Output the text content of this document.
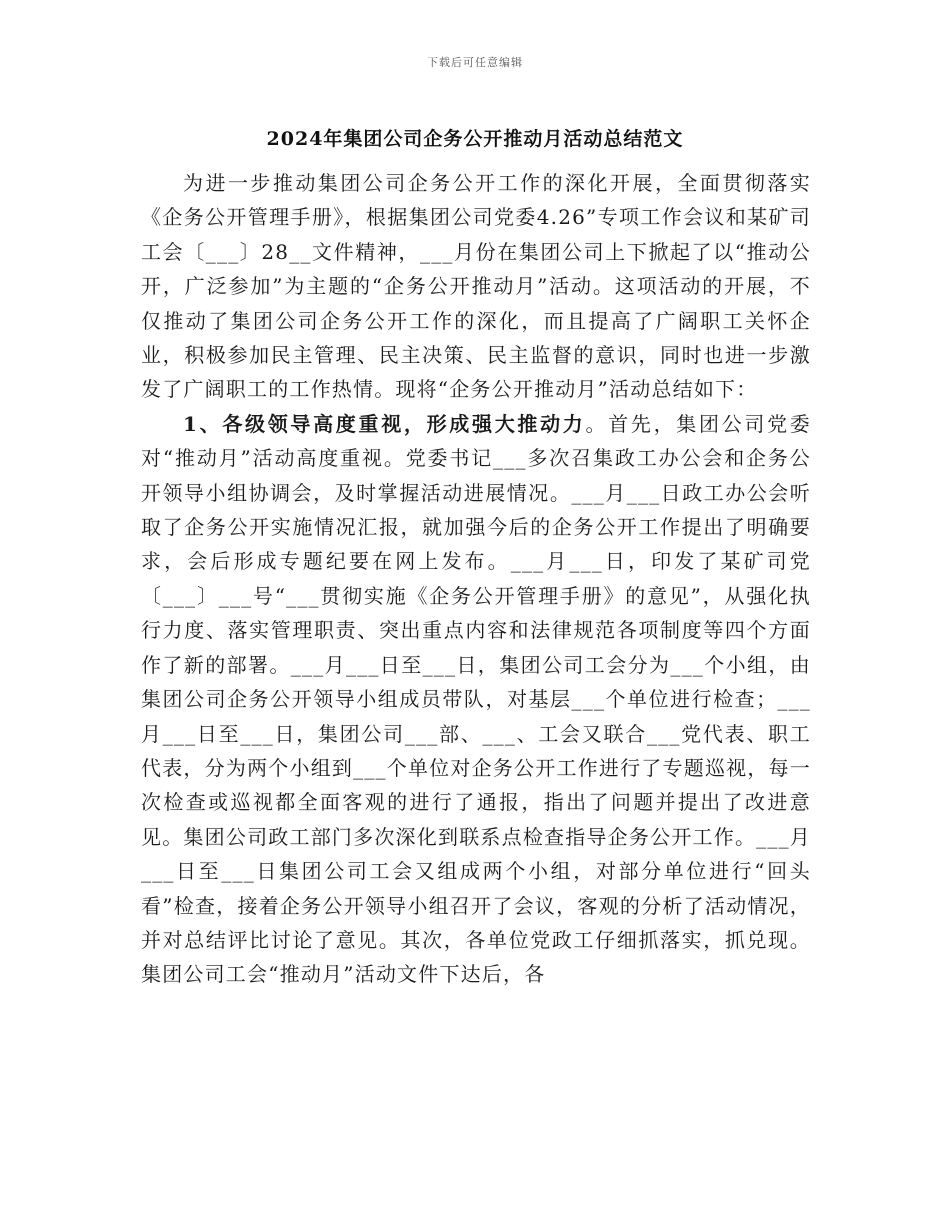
下载后可任意编辑
2024年集团公司企务公开推动月活动总结范文

为进一步推动集团公司企务公开工作的深化开展，全面贯彻落实《企务公开管理手册》，根据集团公司党委4.26”专项工作会议和某矿司工会〔___〕28__文件精神，___月份在集团公司上下掀起了以“推动公开，广泛参加”为主题的“企务公开推动月”活动。这项活动的开展，不仅推动了集团公司企务公开工作的深化，而且提高了广阔职工关怀企业，积极参加民主管理、民主决策、民主监督的意识，同时也进一步激发了广阔职工的工作热情。现将“企务公开推动月”活动总结如下：

1、各级领导高度重视，形成强大推动力。首先，集团公司党委对“推动月”活动高度重视。党委书记___多次召集政工办公会和企务公开领导小组协调会，及时掌握活动进展情况。___月___日政工办公会听取了企务公开实施情况汇报，就加强今后的企务公开工作提出了明确要求，会后形成专题纪要在网上发布。___月___日，印发了某矿司党〔___〕___号“___贯彻实施《企务公开管理手册》的意见”，从强化执行力度、落实管理职责、突出重点内容和法律规范各项制度等四个方面作了新的部署。___月___日至___日，集团公司工会分为___个小组，由集团公司企务公开领导小组成员带队，对基层___个单位进行检查；___月___日至___日，集团公司___部、___、工会又联合___党代表、职工代表，分为两个小组到___个单位对企务公开工作进行了专题巡视，每一次检查或巡视都全面客观的进行了通报，指出了问题并提出了改进意见。集团公司政工部门多次深化到联系点检查指导企务公开工作。___月___日至___日集团公司工会又组成两个小组，对部分单位进行“回头看”检查，接着企务公开领导小组召开了会议，客观的分析了活动情况，并对总结评比讨论了意见。其次，各单位党政工仔细抓落实，抓兑现。集团公司工会“推动月”活动文件下达后，各
